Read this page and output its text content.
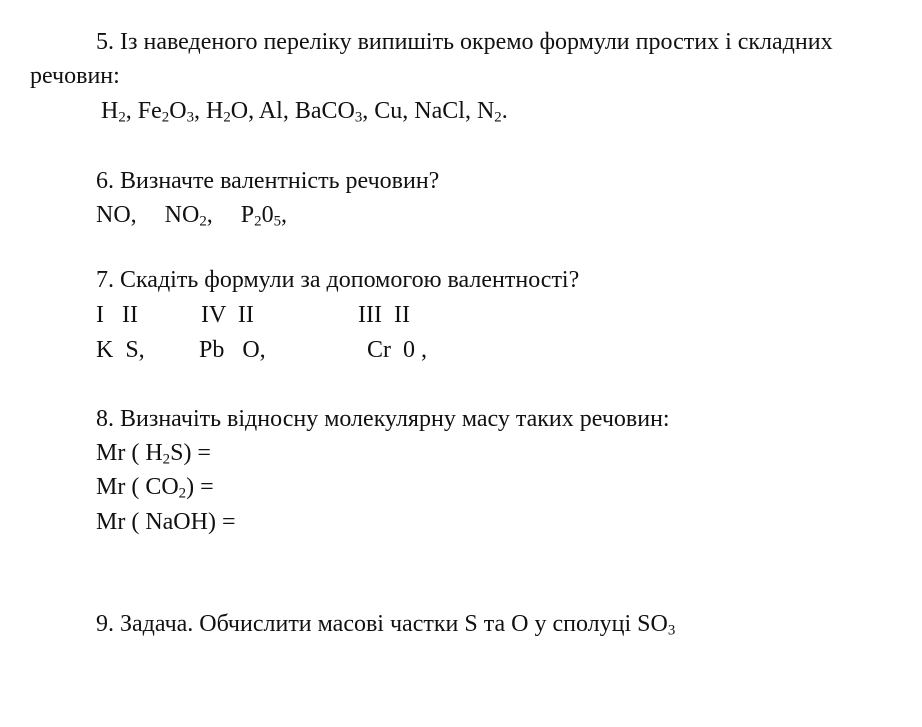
5. Із наведеного переліку випишіть окремо формули простих і складних
речовин:
$H_2$, $Fe_2O_3$, $H_2O$, Al, BaCO$_3$, Cu, NaCl, $N_2$.
6. Визначте валентність речовин?
NO, $NO_2$, $P_20_5$,
7. Скадіть формули за допомогою валентності?
I   II	IV  II	III  II
K  S, Pb   O,	Cr  0 ,
8. Визначіть відносну молекулярну масу таких речовин:
Mr ( $H_2S$) =
Mr ( $CO_2$) =
Mr ( NaOH) =
9. Задача. Обчислити масові частки S та O у сполуці $SO_3$
